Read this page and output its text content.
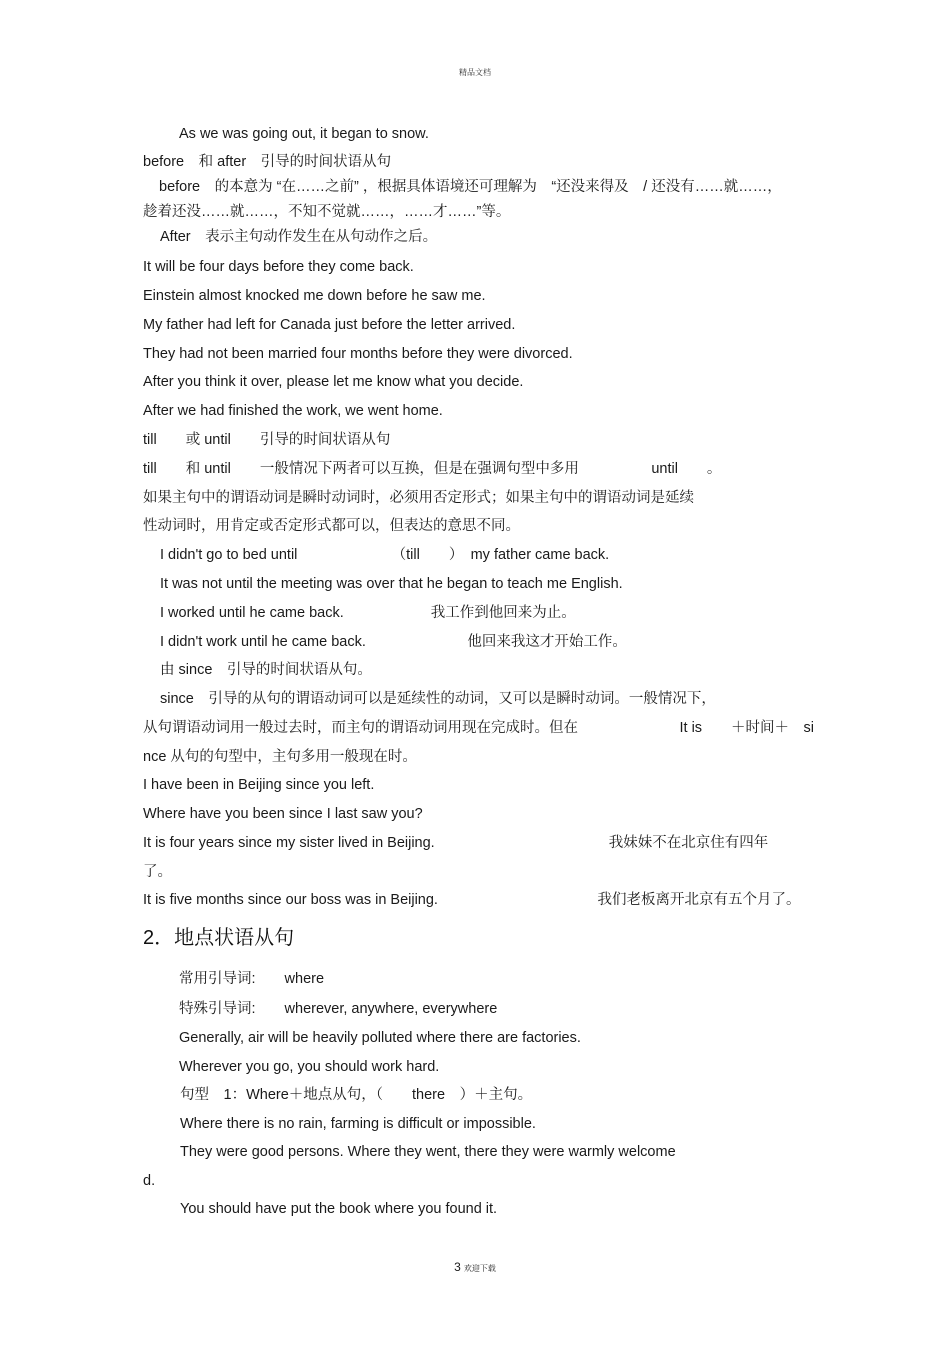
精品文档
As we was going out, it began to snow.
before　和 after　引导的时间状语从句
before　的本意为 “在……之前” ，根据具体语境还可理解为　“还没来得及　/ 还没有……就……，
趁着还没……就……，不知不觉就……，……才……”等。
After　表示主句动作发生在从句动作之后。
It will be four days before they come back.
Einstein almost knocked me down before he saw me.
My father had left for Canada just before the letter arrived.
They had not been married four months before they were divorced.
After you think it over, please let me know what you decide.
After we had finished the work, we went home.
till　　或 until　　引导的时间状语从句
till　　和 until　　一般情况下两者可以互换，但是在强调句型中多用　　　　　until　　。
如果主句中的谓语动词是瞬时动词时，必须用否定形式；如果主句中的谓语动词是延续
性动词时，用肯定或否定形式都可以，但表达的意思不同。
I didn't go to bed until　　　　　　　（till　　）　my father came back.
It was not until the meeting was over that he began to teach me English.
I worked until he came back.　　　　　　我工作到他回来为止。
I didn't work until he came back.　　　　　　　他回来我这才开始工作。
由 since　引导的时间状语从句。
since　引导的从句的谓语动词可以是延续性的动词，又可以是瞬时动词。一般情况下，
从句谓语动词用一般过去时，而主句的谓语动词用现在完成时。但在　　　　　　　It is　　＋时间＋　si
nce 从句的句型中，主句多用一般现在时。
I have been in Beijing since you left.
Where have you been since I last saw you?
It is four years since my sister lived in Beijing.　　　　　　　　　　　　我妹妹不在北京住有四年
了。
It is five months since our boss was in Beijing.　　　　　　　　　　　我们老板离开北京有五个月了。
2．地点状语从句
常用引导词:　　where
特殊引导词:　　wherever, anywhere, everywhere
Generally, air will be heavily polluted where there are factories.
Wherever you go, you should work hard.
句型　1：Where＋地点从句，（　　there　）＋主句。
Where there is no rain, farming is difficult or impossible.
They were good persons. Where they went, there they were warmly welcome
d.
You should have put the book where you found it.
3 欢迎下载
